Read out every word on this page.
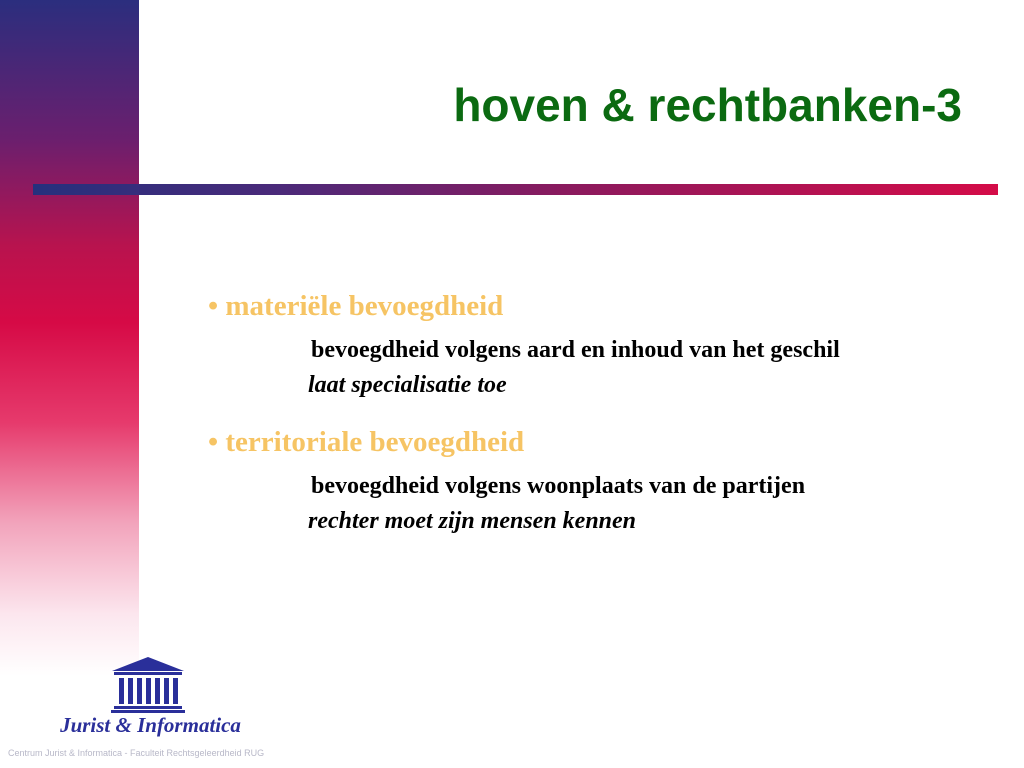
hoven & rechtbanken-3

• materiële bevoegdheid

bevoegdheid volgens aard en inhoud van het geschil

laat specialisatie toe

• territoriale bevoegdheid

bevoegdheid volgens woonplaats van de partijen

rechter moet zijn mensen kennen

Jurist & Informatica

Centrum Jurist & Informatica - Faculteit Rechtsgeleerdheid RUG
